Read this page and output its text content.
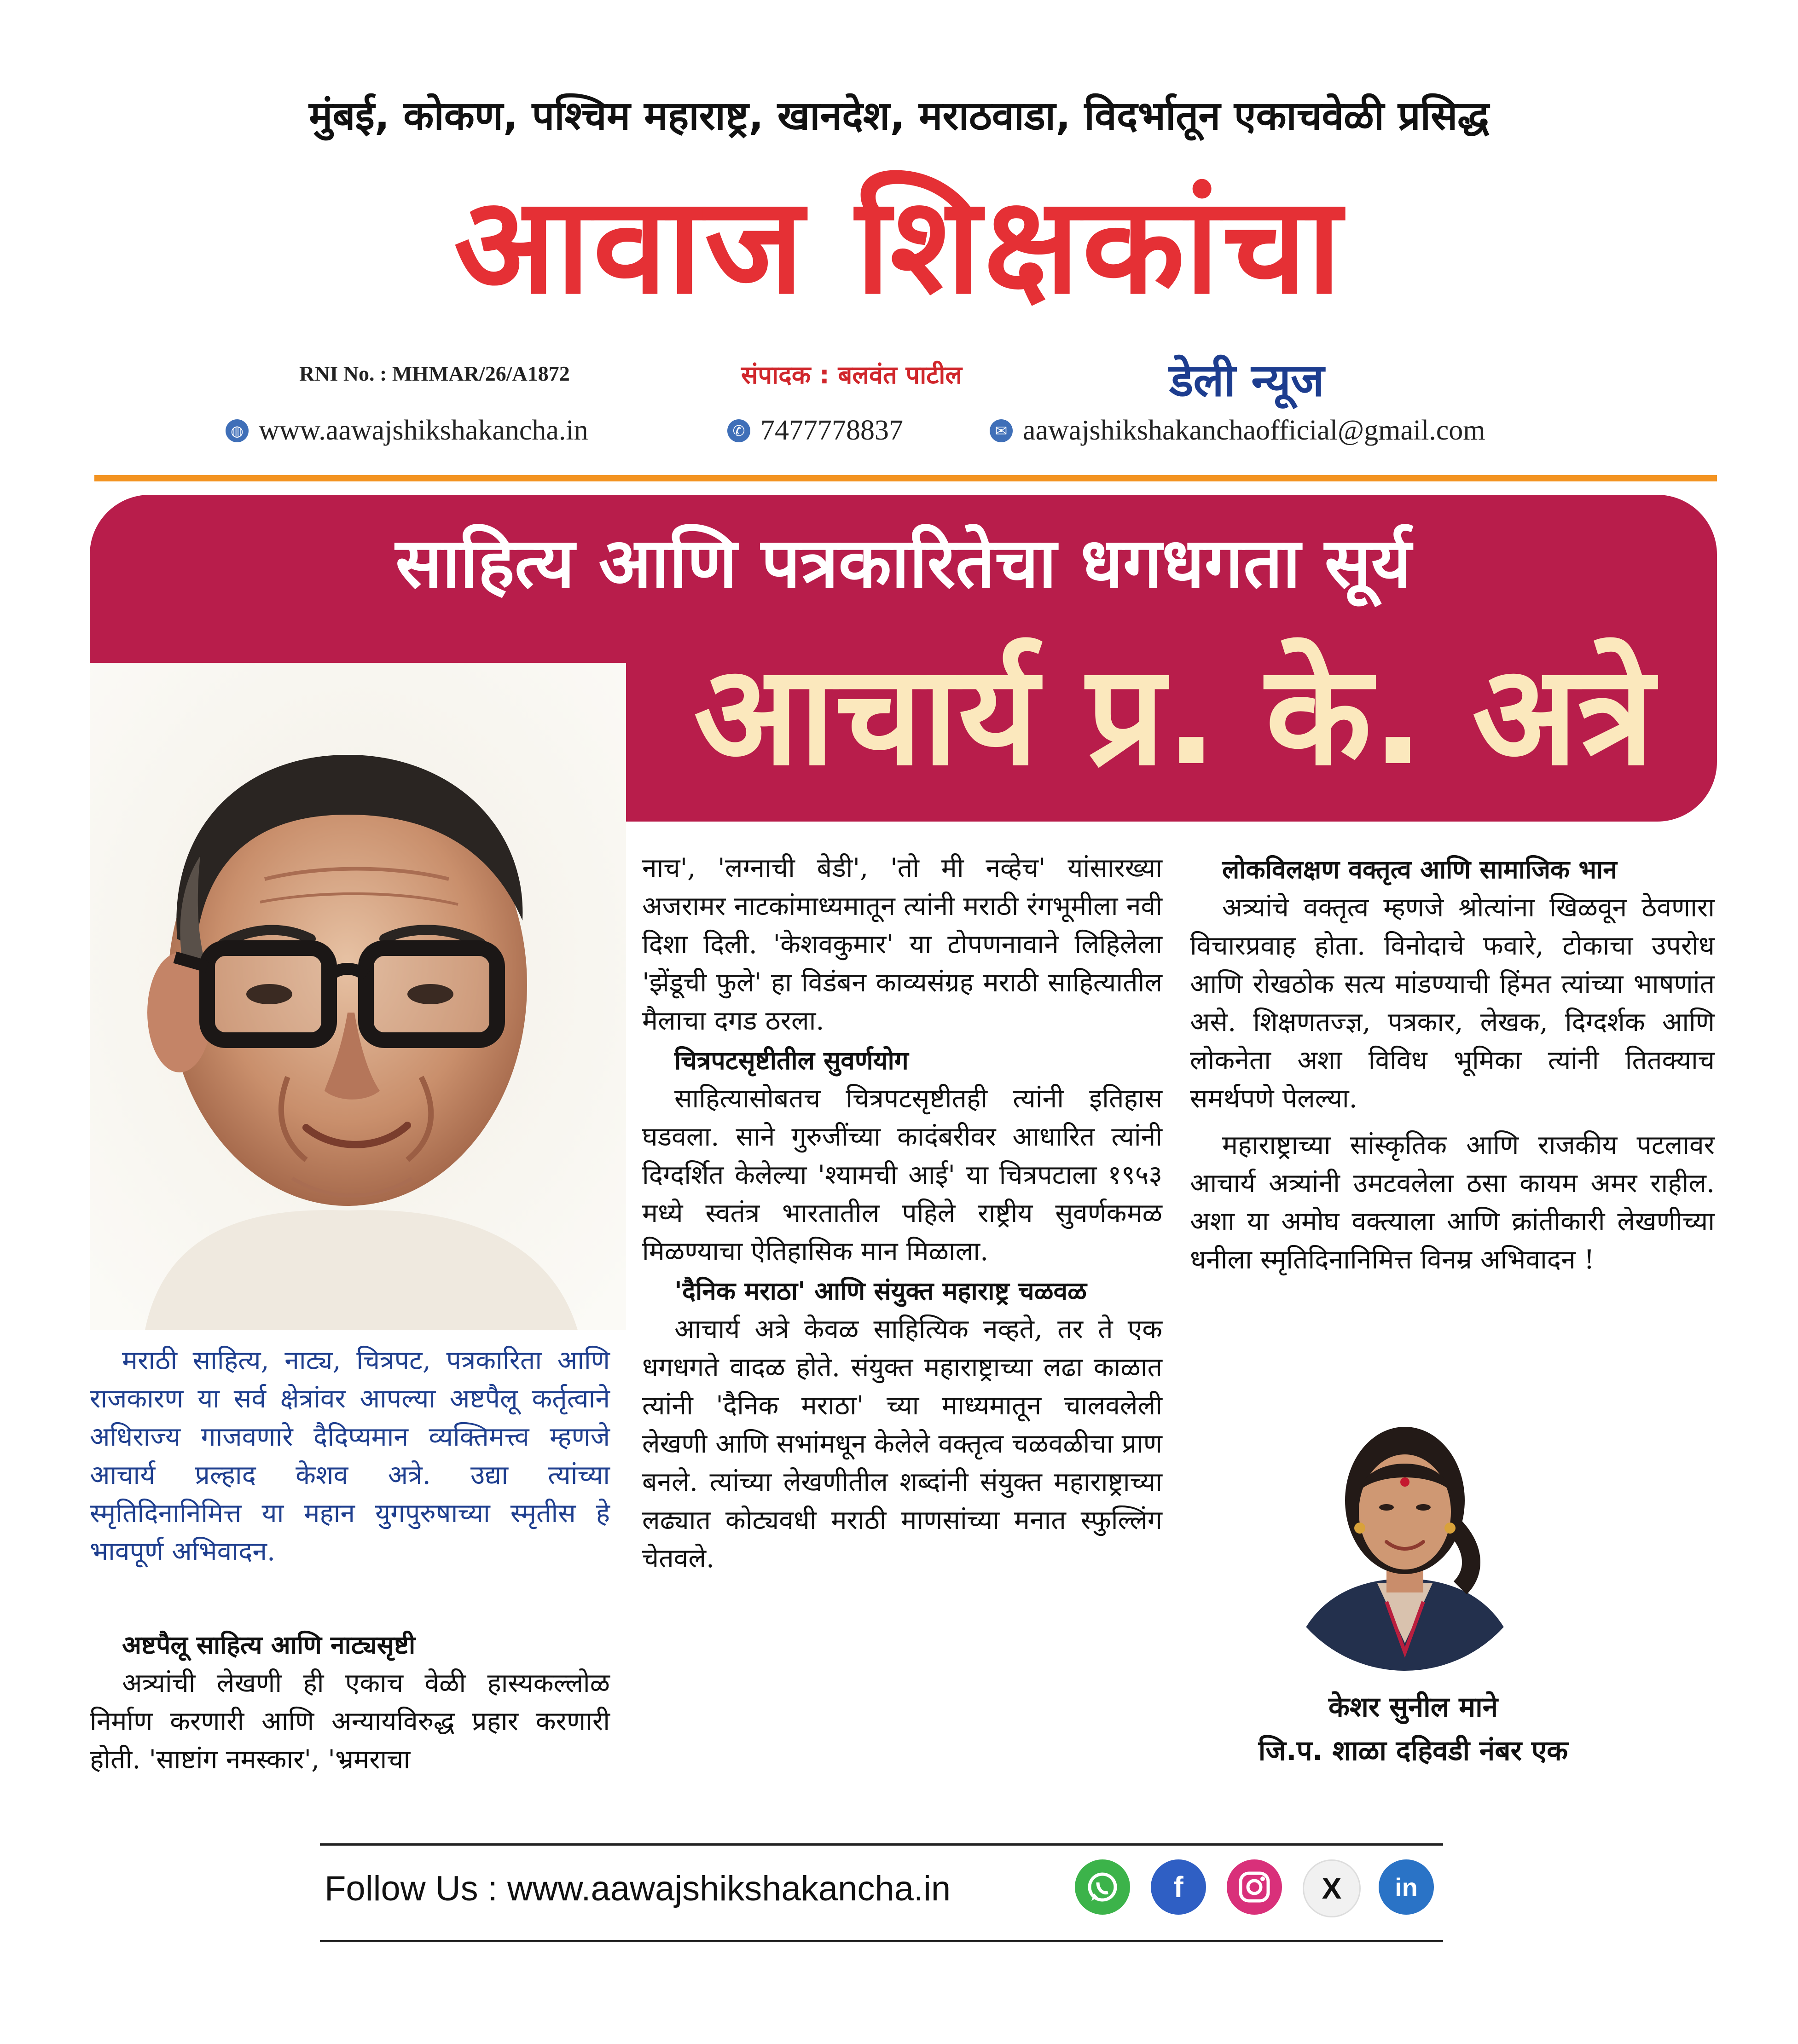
मुंबई, कोकण, पश्चिम महाराष्ट्र, खानदेश, मराठवाडा, विदर्भातून एकाचवेळी प्रसिद्ध
आवाज शिक्षकांचा
RNI No. : MHMAR/26/A1872	संपादक : बलवंत पाटील	डेली न्यूज
◍ www.aawajshikshakancha.in	✆ 7477778837	✉ aawajshikshakanchaofficial@gmail.com
साहित्य आणि पत्रकारितेचा धगधगता सूर्य
आचार्य प्र. के. अत्रे

मराठी साहित्य, नाट्य, चित्रपट, पत्रकारिता आणि राजकारण या सर्व क्षेत्रांवर आपल्या अष्टपैलू कर्तृत्वाने अधिराज्य गाजवणारे दैदिप्यमान व्यक्तिमत्त्व म्हणजे आचार्य प्रल्हाद केशव अत्रे. उद्या त्यांच्या स्मृतिदिनानिमित्त या महान युगपुरुषाच्या स्मृतीस हे भावपूर्ण अभिवादन.

अष्टपैलू साहित्य आणि नाट्यसृष्टी

अत्र्यांची लेखणी ही एकाच वेळी हास्यकल्लोळ निर्माण करणारी आणि अन्यायविरुद्ध प्रहार करणारी होती. 'साष्टांग नमस्कार', 'भ्रमराचा

नाच', 'लग्नाची बेडी', 'तो मी नव्हेच' यांसारख्या अजरामर नाटकांमाध्यमातून त्यांनी मराठी रंगभूमीला नवी दिशा दिली. 'केशवकुमार' या टोपणनावाने लिहिलेला 'झेंडूची फुले' हा विडंबन काव्यसंग्रह मराठी साहित्यातील मैलाचा दगड ठरला.

चित्रपटसृष्टीतील सुवर्णयोग

साहित्यासोबतच चित्रपटसृष्टीतही त्यांनी इतिहास घडवला. साने गुरुजींच्या कादंबरीवर आधारित त्यांनी दिग्दर्शित केलेल्या 'श्यामची आई' या चित्रपटाला १९५३ मध्ये स्वतंत्र भारतातील पहिले राष्ट्रीय सुवर्णकमळ मिळण्याचा ऐतिहासिक मान मिळाला.

'दैनिक मराठा' आणि संयुक्त महाराष्ट्र चळवळ

आचार्य अत्रे केवळ साहित्यिक नव्हते, तर ते एक धगधगते वादळ होते. संयुक्त महाराष्ट्राच्या लढा काळात त्यांनी 'दैनिक मराठा' च्या माध्यमातून चालवलेली लेखणी आणि सभांमधून केलेले वक्तृत्व चळवळीचा प्राण बनले. त्यांच्या लेखणीतील शब्दांनी संयुक्त महाराष्ट्राच्या लढ्यात कोट्यवधी मराठी माणसांच्या मनात स्फुल्लिंग चेतवले.

लोकविलक्षण वक्तृत्व आणि सामाजिक भान

अत्र्यांचे वक्तृत्व म्हणजे श्रोत्यांना खिळवून ठेवणारा विचारप्रवाह होता. विनोदाचे फवारे, टोकाचा उपरोध आणि रोखठोक सत्य मांडण्याची हिंमत त्यांच्या भाषणांत असे. शिक्षणतज्ज्ञ, पत्रकार, लेखक, दिग्दर्शक आणि लोकनेता अशा विविध भूमिका त्यांनी तितक्याच समर्थपणे पेलल्या.

महाराष्ट्राच्या सांस्कृतिक आणि राजकीय पटलावर आचार्य अत्र्यांनी उमटवलेला ठसा कायम अमर राहील. अशा या अमोघ वक्त्याला आणि क्रांतीकारी लेखणीच्या धनीला स्मृतिदिनानिमित्त विनम्र अभिवादन !

केशर सुनील माने
जि.प. शाळा दहिवडी नंबर एक
Follow Us : www.aawajshikshakancha.in	f	X	in
